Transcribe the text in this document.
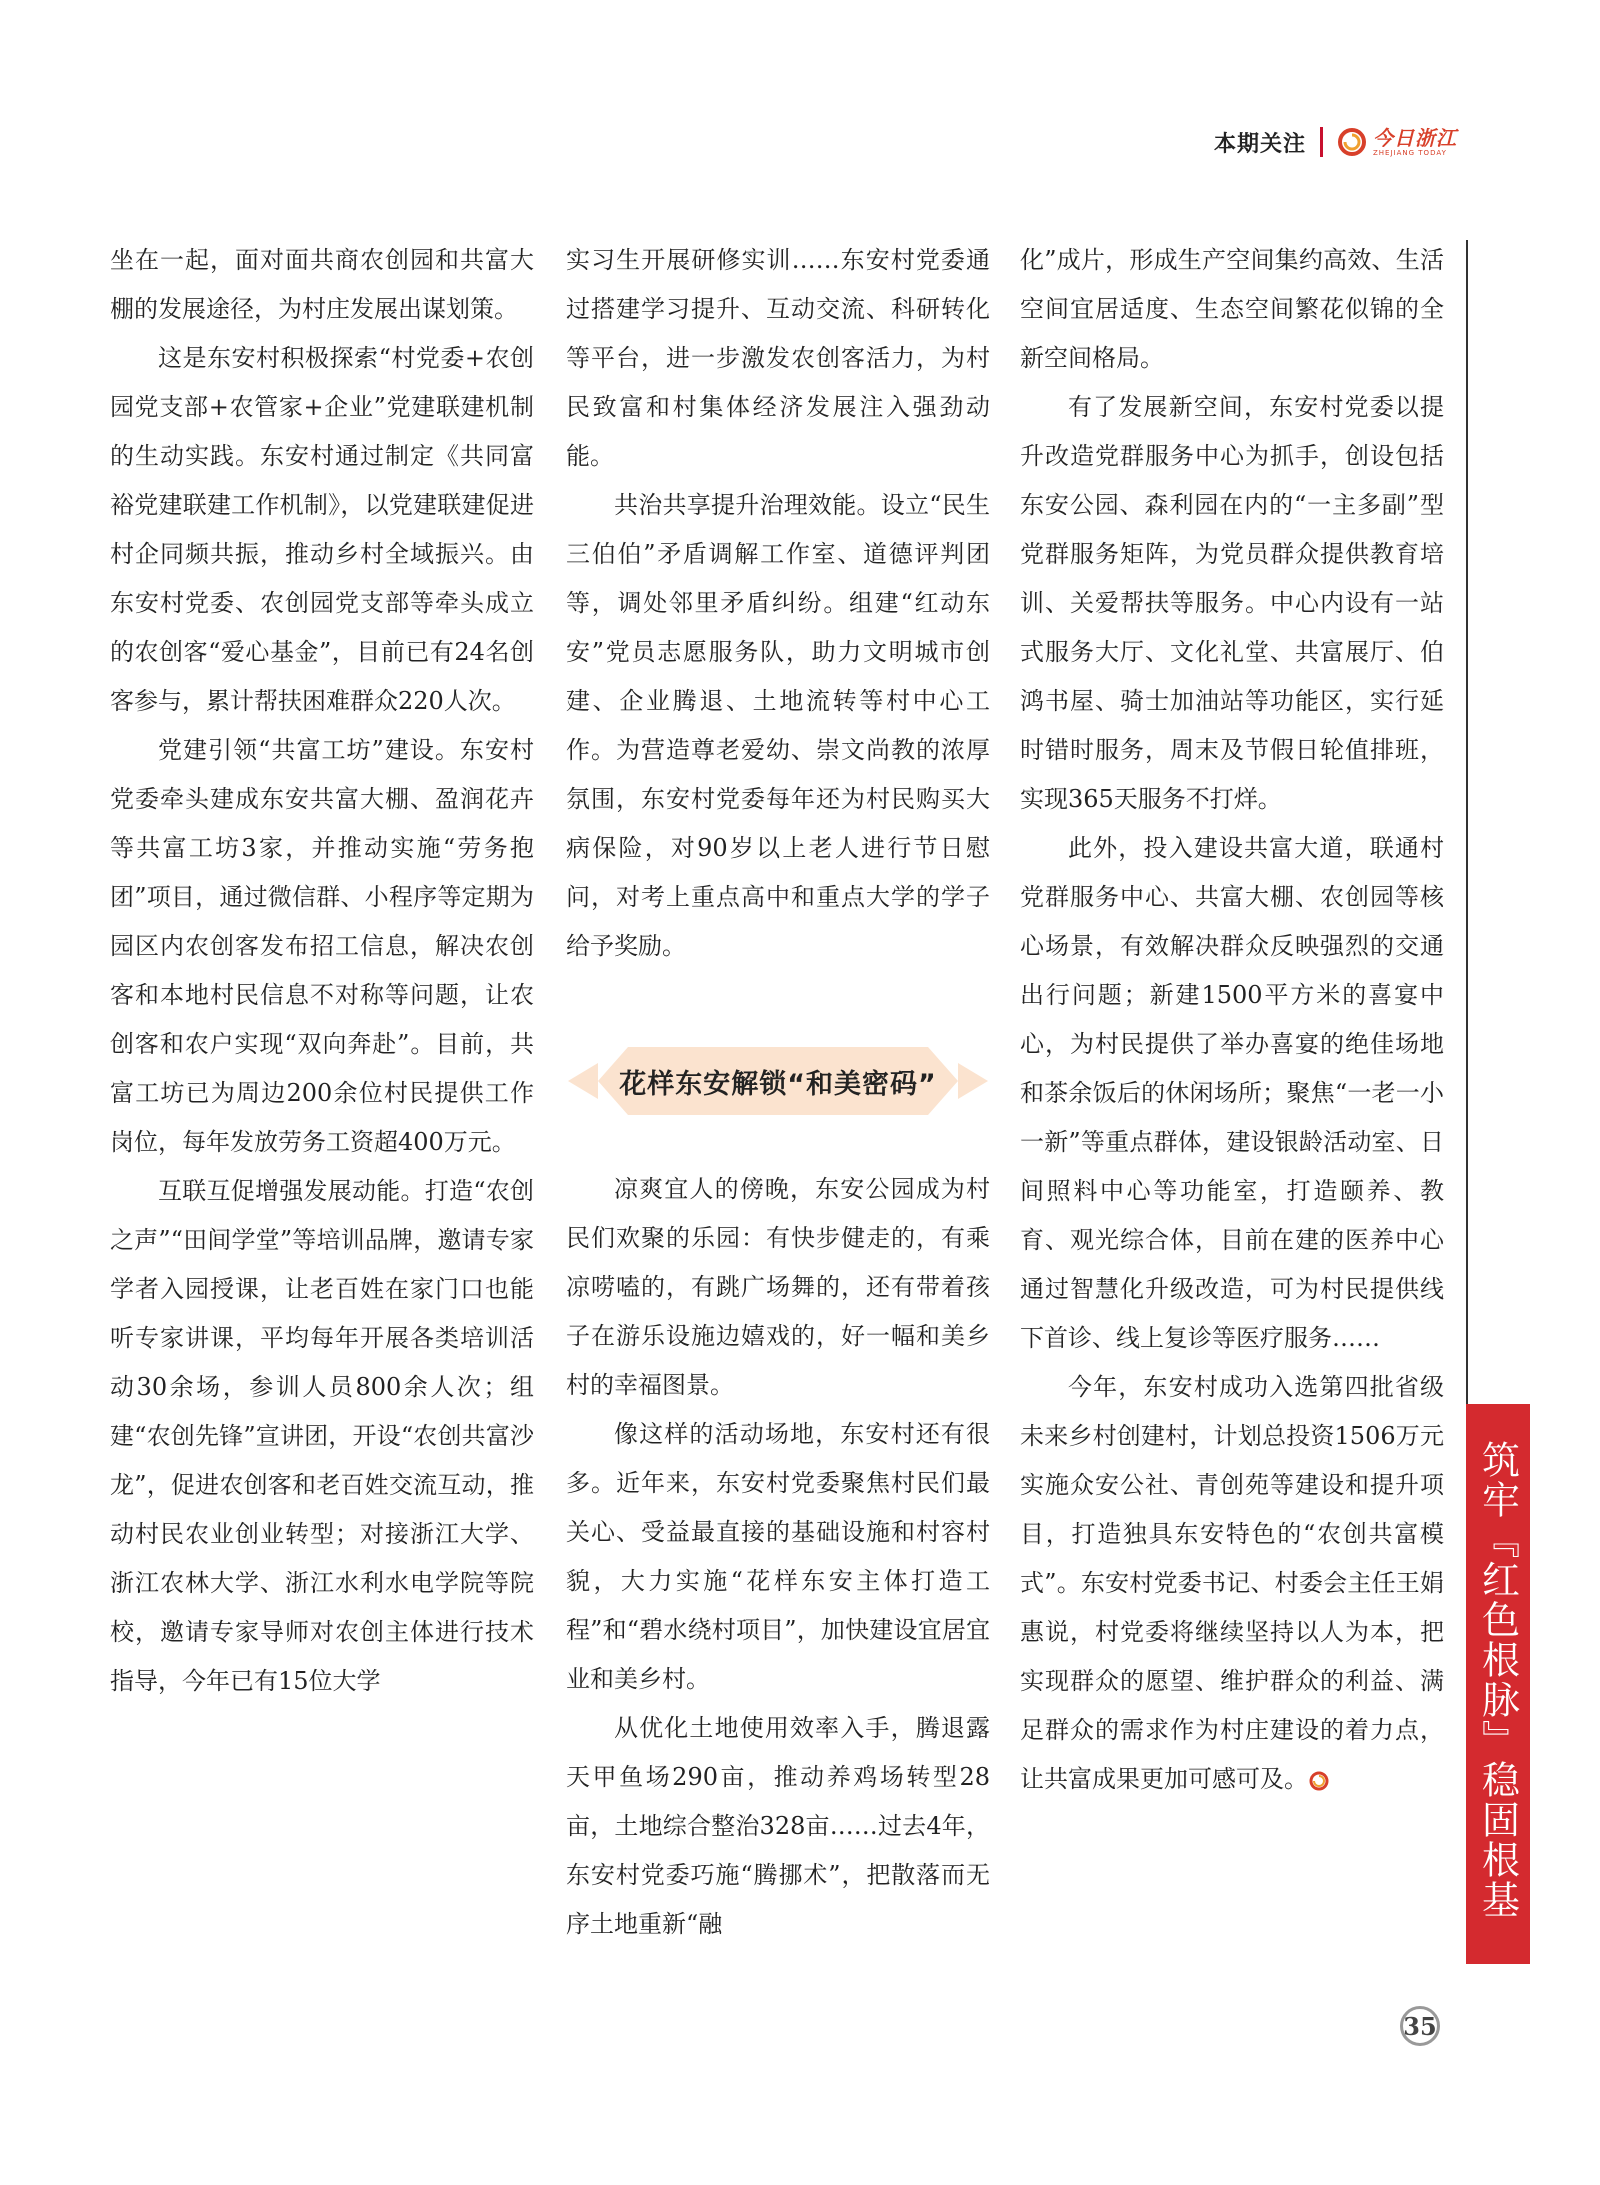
本期关注	今日浙江
ZHEJIANG TODAY

坐在一起，面对面共商农创园和共富大棚的发展途径，为村庄发展出谋划策。

这是东安村积极探索“村党委+农创园党支部+农管家+企业”党建联建机制的生动实践。东安村通过制定《共同富裕党建联建工作机制》，以党建联建促进村企同频共振，推动乡村全域振兴。由东安村党委、农创园党支部等牵头成立的农创客“爱心基金”，目前已有24名创客参与，累计帮扶困难群众220人次。

党建引领“共富工坊”建设。东安村党委牵头建成东安共富大棚、盈润花卉等共富工坊3家，并推动实施“劳务抱团”项目，通过微信群、小程序等定期为园区内农创客发布招工信息，解决农创客和本地村民信息不对称等问题，让农创客和农户实现“双向奔赴”。目前，共富工坊已为周边200余位村民提供工作岗位，每年发放劳务工资超400万元。

互联互促增强发展动能。打造“农创之声”“田间学堂”等培训品牌，邀请专家学者入园授课，让老百姓在家门口也能听专家讲课，平均每年开展各类培训活动30余场，参训人员800余人次；组建“农创先锋”宣讲团，开设“农创共富沙龙”，促进农创客和老百姓交流互动，推动村民农业创业转型；对接浙江大学、浙江农林大学、浙江水利水电学院等院校，邀请专家导师对农创主体进行技术指导，今年已有15位大学

实习生开展研修实训……东安村党委通过搭建学习提升、互动交流、科研转化等平台，进一步激发农创客活力，为村民致富和村集体经济发展注入强劲动能。

共治共享提升治理效能。设立“民生三伯伯”矛盾调解工作室、道德评判团等，调处邻里矛盾纠纷。组建“红动东安”党员志愿服务队，助力文明城市创建、企业腾退、土地流转等村中心工作。为营造尊老爱幼、崇文尚教的浓厚氛围，东安村党委每年还为村民购买大病保险，对90岁以上老人进行节日慰问，对考上重点高中和重点大学的学子给予奖励。

花样东安解锁“和美密码”

凉爽宜人的傍晚，东安公园成为村民们欢聚的乐园：有快步健走的，有乘凉唠嗑的，有跳广场舞的，还有带着孩子在游乐设施边嬉戏的，好一幅和美乡村的幸福图景。

像这样的活动场地，东安村还有很多。近年来，东安村党委聚焦村民们最关心、受益最直接的基础设施和村容村貌，大力实施“花样东安主体打造工程”和“碧水绕村项目”，加快建设宜居宜业和美乡村。

从优化土地使用效率入手，腾退露天甲鱼场290亩，推动养鸡场转型28亩，土地综合整治328亩……过去4年，东安村党委巧施“腾挪术”，把散落而无序土地重新“融

化”成片，形成生产空间集约高效、生活空间宜居适度、生态空间繁花似锦的全新空间格局。

有了发展新空间，东安村党委以提升改造党群服务中心为抓手，创设包括东安公园、森利园在内的“一主多副”型党群服务矩阵，为党员群众提供教育培训、关爱帮扶等服务。中心内设有一站式服务大厅、文化礼堂、共富展厅、伯鸿书屋、骑士加油站等功能区，实行延时错时服务，周末及节假日轮值排班，实现365天服务不打烊。

此外，投入建设共富大道，联通村党群服务中心、共富大棚、农创园等核心场景，有效解决群众反映强烈的交通出行问题；新建1500平方米的喜宴中心，为村民提供了举办喜宴的绝佳场地和茶余饭后的休闲场所；聚焦“一老一小一新”等重点群体，建设银龄活动室、日间照料中心等功能室，打造颐养、教育、观光综合体，目前在建的医养中心通过智慧化升级改造，可为村民提供线下首诊、线上复诊等医疗服务……

今年，东安村成功入选第四批省级未来乡村创建村，计划总投资1506万元实施众安公社、青创苑等建设和提升项目，打造独具东安特色的“农创共富模式”。东安村党委书记、村委会主任王娟惠说，村党委将继续坚持以人为本，把实现群众的愿望、维护群众的利益、满足群众的需求作为村庄建设的着力点，让共富成果更加可感可及。	筑牢『红色根脉』稳固根基
35
